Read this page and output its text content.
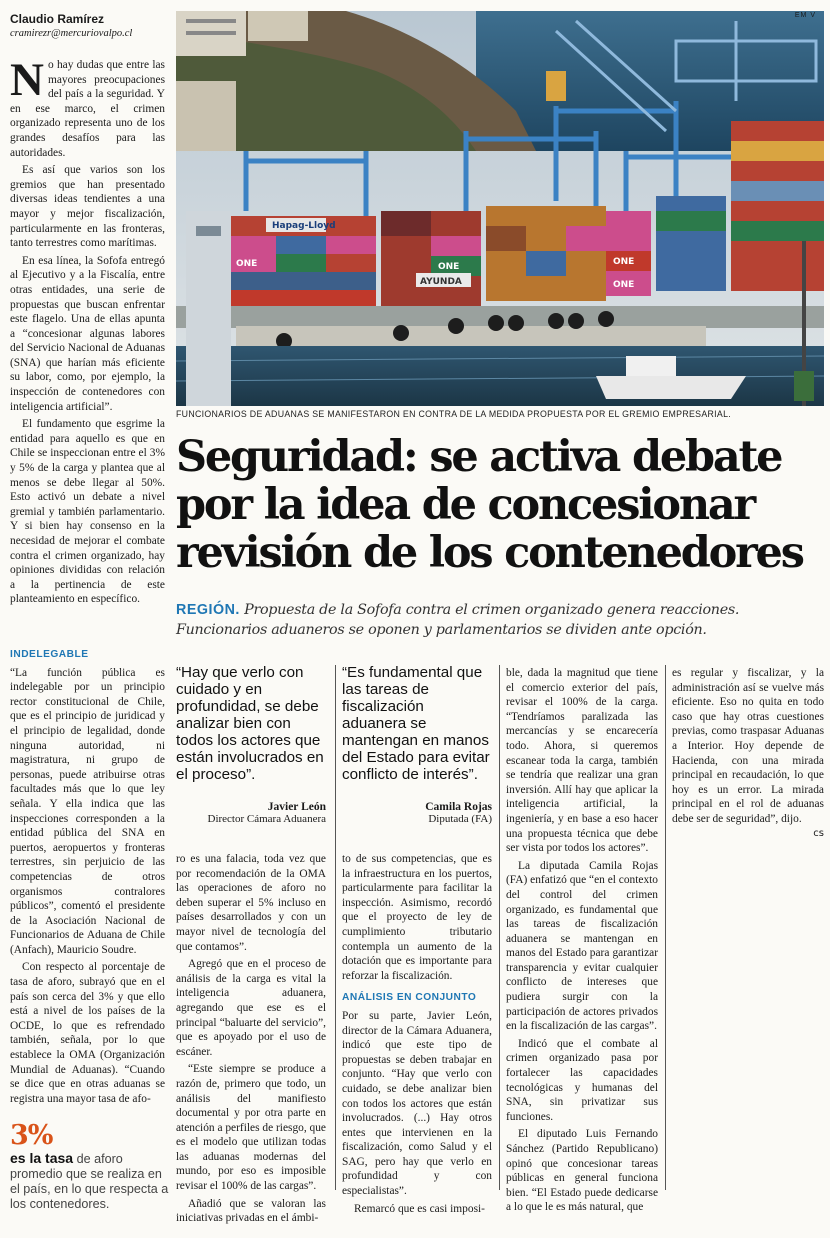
Claudio Ramírez
cramirezr@mercuriovalpo.cl

No hay dudas que entre las mayores preocupaciones del país a la seguridad. Y en ese marco, el crimen organizado representa uno de los grandes desafíos para las autoridades.

Es así que varios son los gremios que han presentado diversas ideas tendientes a una mayor y mejor fiscalización, particularmente en las fronteras, tanto terrestres como marítimas.

En esa línea, la Sofofa entregó al Ejecutivo y a la Fiscalía, entre otras entidades, una serie de propuestas que buscan enfrentar este flagelo. Una de ellas apunta a “concesionar algunas labores del Servicio Nacional de Aduanas (SNA) que harían más eficiente su labor, como, por ejemplo, la inspección de contenedores con inteligencia artificial”.

El fundamento que esgrime la entidad para aquello es que en Chile se inspeccionan entre el 3% y 5% de la carga y plantea que al menos se debe llegar al 50%. Esto activó un debate a nivel gremial y también parlamentario. Y si bien hay consenso en la necesidad de mejorar el combate contra el crimen organizado, hay opiniones divididas con relación a la pertinencia de este planteamiento en específico.

INDELEGABLE

“La función pública es indelegable por un principio rector constitucional de Chile, que es el principio de juridicad y el principio de legalidad, donde ninguna autoridad, ni magistratura, ni grupo de personas, puede atribuirse otras facultades más que lo que ley señala. Y ella indica que las inspecciones corresponden a la entidad pública del SNA en puertos, aeropuertos y fronteras terrestres, sin perjuicio de las competencias de otros organismos contralores públicos”, comentó el presidente de la Asociación Nacional de Funcionarios de Aduana de Chile (Anfach), Mauricio Soudre.

Con respecto al porcentaje de tasa de aforo, subrayó que en el país son cerca del 3% y que ello está a nivel de los países de la OCDE, lo que es refrendado también, señala, por lo que establece la OMA (Organización Mundial de Aduanas). “Cuando se dice que en otras aduanas se registra una mayor tasa de afo-

3%
es la tasa de aforo promedio que se realiza en el país, en lo que respecta a los contenedores.
Hapag-Lloyd
ONE	ONE	ONE
ONE
AYUNDA
EM V
FUNCIONARIOS DE ADUANAS SE MANIFESTARON EN CONTRA DE LA MEDIDA PROPUESTA POR EL GREMIO EMPRESARIAL.
Seguridad: se activa debate
por la idea de concesionar
revisión de los contenedores
REGIÓN. Propuesta de la Sofofa contra el crimen organizado genera reacciones.
Funcionarios aduaneros se oponen y parlamentarios se dividen ante opción.
“Hay que verlo con cuidado y en profundidad, se debe analizar bien con todos los actores que están involucrados en el proceso”.
Javier León
Director Cámara Aduanera
“Es fundamental que las tareas de fiscalización aduanera se mantengan en manos del Estado para evitar conflicto de interés”.
Camila Rojas
Diputada (FA)

ro es una falacia, toda vez que por recomendación de la OMA las operaciones de aforo no deben superar el 5% incluso en países desarrollados y con un mayor nivel de tecnología del que contamos”.

Agregó que en el proceso de análisis de la carga es vital la inteligencia aduanera, agregando que ese es el principal “baluarte del servicio”, que es apoyado por el uso de escáner.

“Este siempre se produce a razón de, primero que todo, un análisis del manifiesto documental y por otra parte en atención a perfiles de riesgo, que es el modelo que utilizan todas las aduanas modernas del mundo, por eso es imposible revisar el 100% de las cargas”.

Añadió que se valoran las iniciativas privadas en el ámbi-

to de sus competencias, que es la infraestructura en los puertos, particularmente para facilitar la inspección. Asimismo, recordó que el proyecto de ley de cumplimiento tributario contempla un aumento de la dotación que es importante para reforzar la fiscalización.

ANÁLISIS EN CONJUNTO

Por su parte, Javier León, director de la Cámara Aduanera, indicó que este tipo de propuestas se deben trabajar en conjunto. “Hay que verlo con cuidado, se debe analizar bien con todos los actores que están involucrados. (...) Hay otros entes que intervienen en la fiscalización, como Salud y el SAG, pero hay que verlo en profundidad y con especialistas”.

Remarcó que es casi imposi-

ble, dada la magnitud que tiene el comercio exterior del país, revisar el 100% de la carga. “Tendríamos paralizada las mercancías y se encarecería todo. Ahora, si queremos escanear toda la carga, también se tendría que realizar una gran inversión. Allí hay que aplicar la inteligencia artificial, la ingeniería, y en base a eso hacer una propuesta técnica que debe ser vista por todos los actores”.

La diputada Camila Rojas (FA) enfatizó que “en el contexto del control del crimen organizado, es fundamental que las tareas de fiscalización aduanera se mantengan en manos del Estado para garantizar transparencia y evitar cualquier conflicto de intereses que pudiera surgir con la participación de actores privados en la fiscalización de las cargas”.

Indicó que el combate al crimen organizado pasa por fortalecer las capacidades tecnológicas y humanas del SNA, sin privatizar sus funciones.

El diputado Luis Fernando Sánchez (Partido Republicano) opinó que concesionar tareas públicas en general funciona bien. “El Estado puede dedicarse a lo que le es más natural, que

es regular y fiscalizar, y la administración así se vuelve más eficiente. Eso no quita en todo caso que hay otras cuestiones previas, como traspasar Aduanas a Interior. Hoy depende de Hacienda, con una mirada principal en recaudación, lo que hoy es un error. La mirada principal en el rol de aduanas debe ser de seguridad”, dijo.

cs
